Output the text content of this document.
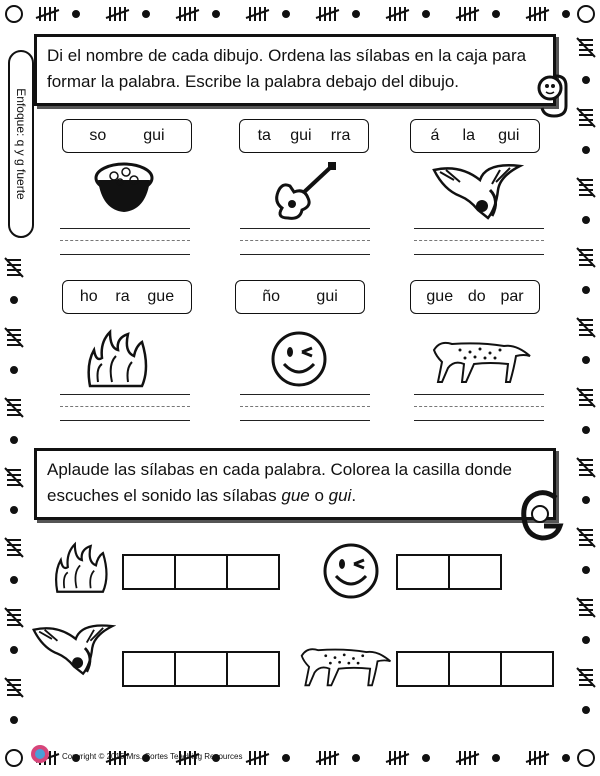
Enfoque: q y g fuerte
Di el nombre de cada dibujo. Ordena las sílabas en la caja para formar la palabra. Escribe la palabra debajo del dibujo.
so gui	ta gui rra	á la gui
ho ra gue	ño gui	gue do par
Aplaude las sílabas en cada palabra. Colorea la casilla donde escuches el sonido las sílabas gue o gui.
Copyright © 2015 Mrs. Cortes Teaching Resources
